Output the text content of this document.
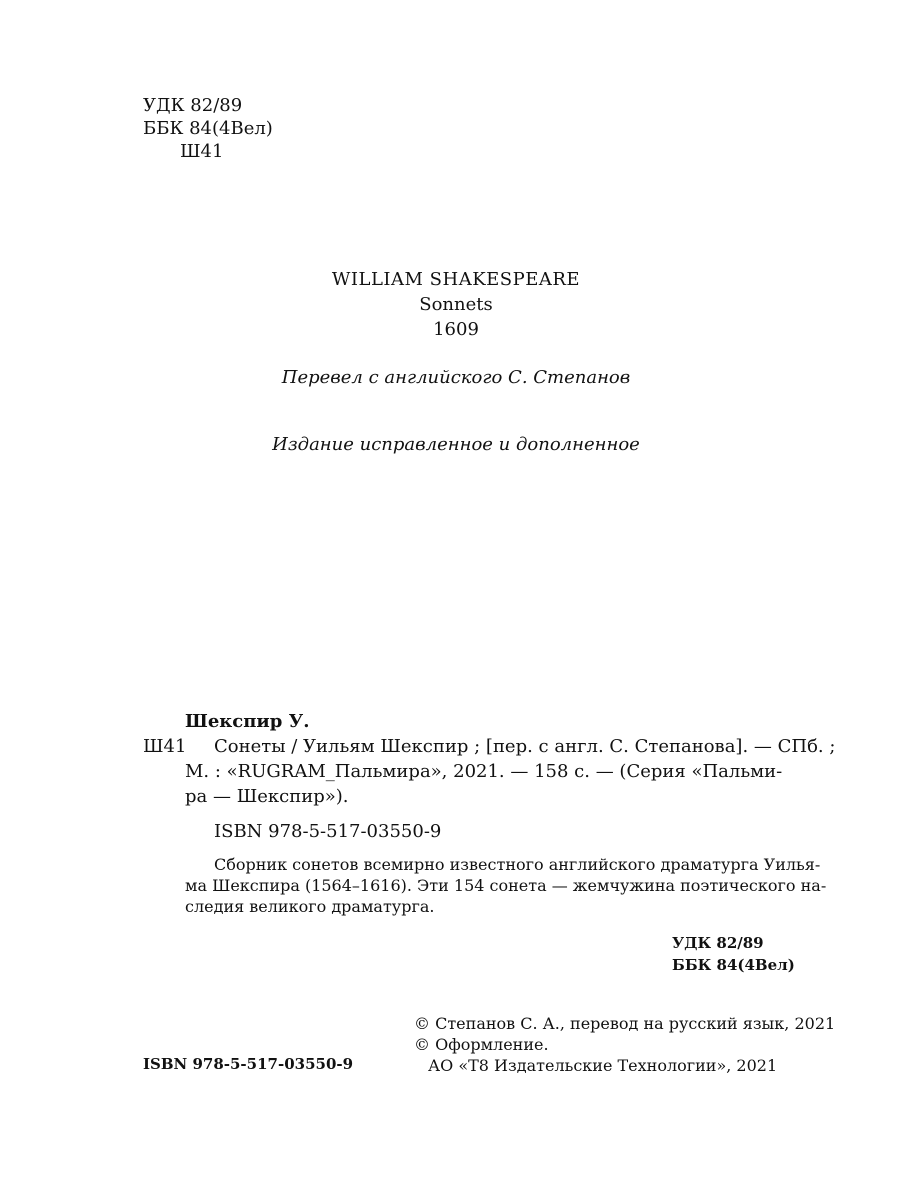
УДК 82/89
ББК 84(4Вел)
Ш41
WILLIAM SHAKESPEARE
Sonnets
1609
Перевел с английского С. Степанов
Издание исправленное и дополненное
Шекспир У.
Ш41 Сонеты / Уильям Шекспир ; [пер. с англ. С. Степанова]. — СПб. ;
М. : «RUGRAM_Пальмира», 2021. — 158 с. — (Серия «Пальми-
ра — Шекспир»).
ISBN 978-5-517-03550-9
Сборник сонетов всемирно известного английского драматурга Уилья-
ма Шекспира (1564–1616). Эти 154 сонета — жемчужина поэтического на-
следия великого драматурга.
УДК 82/89
ББК 84(4Вел)
© Степанов С. А., перевод на русский язык, 2021
© Оформление.
АО «Т8 Издательские Технологии», 2021
ISBN 978-5-517-03550-9
